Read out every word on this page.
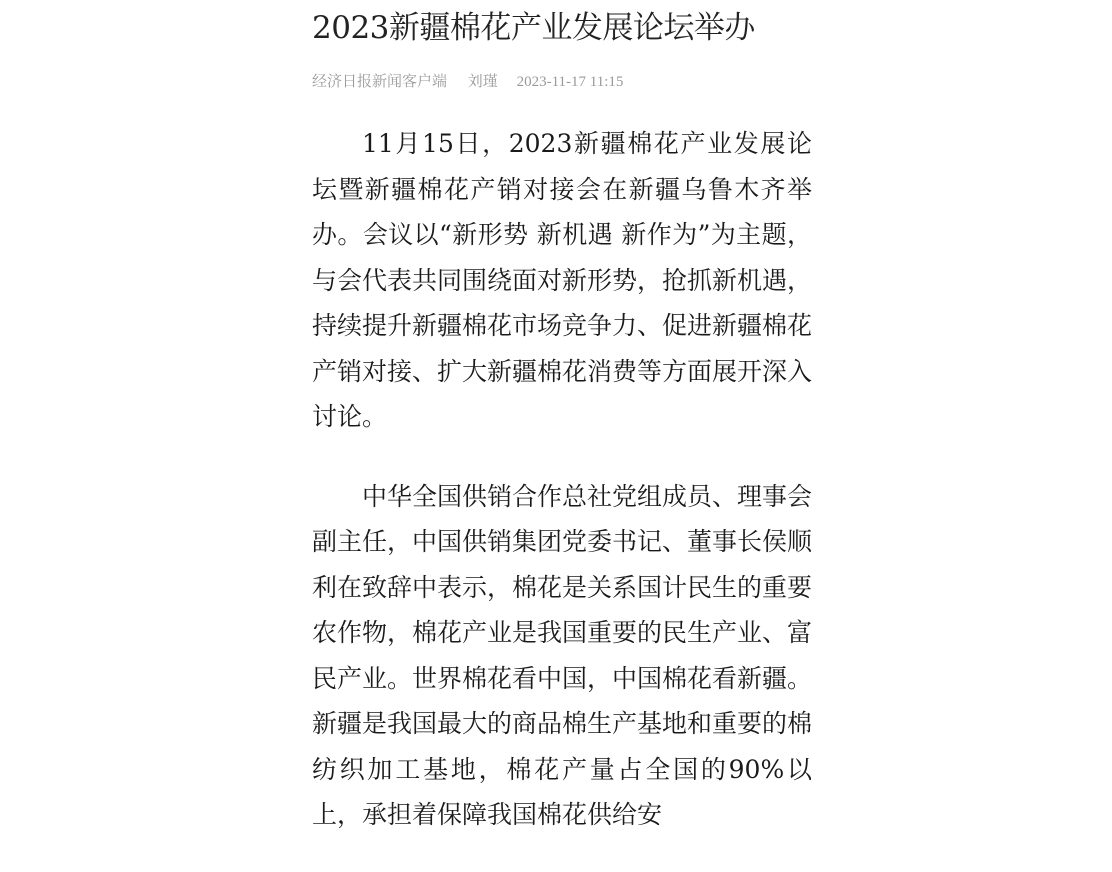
2023新疆棉花产业发展论坛举办
经济日报新闻客户端 刘瑾 2023-11-17 11:15

11月15日，2023新疆棉花产业发展论坛暨新疆棉花产销对接会在新疆乌鲁木齐举办。会议以“新形势 新机遇 新作为”为主题，与会代表共同围绕面对新形势，抢抓新机遇，持续提升新疆棉花市场竞争力、促进新疆棉花产销对接、扩大新疆棉花消费等方面展开深入讨论。

中华全国供销合作总社党组成员、理事会副主任，中国供销集团党委书记、董事长侯顺利在致辞中表示，棉花是关系国计民生的重要农作物，棉花产业是我国重要的民生产业、富民产业。世界棉花看中国，中国棉花看新疆。新疆是我国最大的商品棉生产基地和重要的棉纺织加工基地，棉花产量占全国的90%以上，承担着保障我国棉花供给安
